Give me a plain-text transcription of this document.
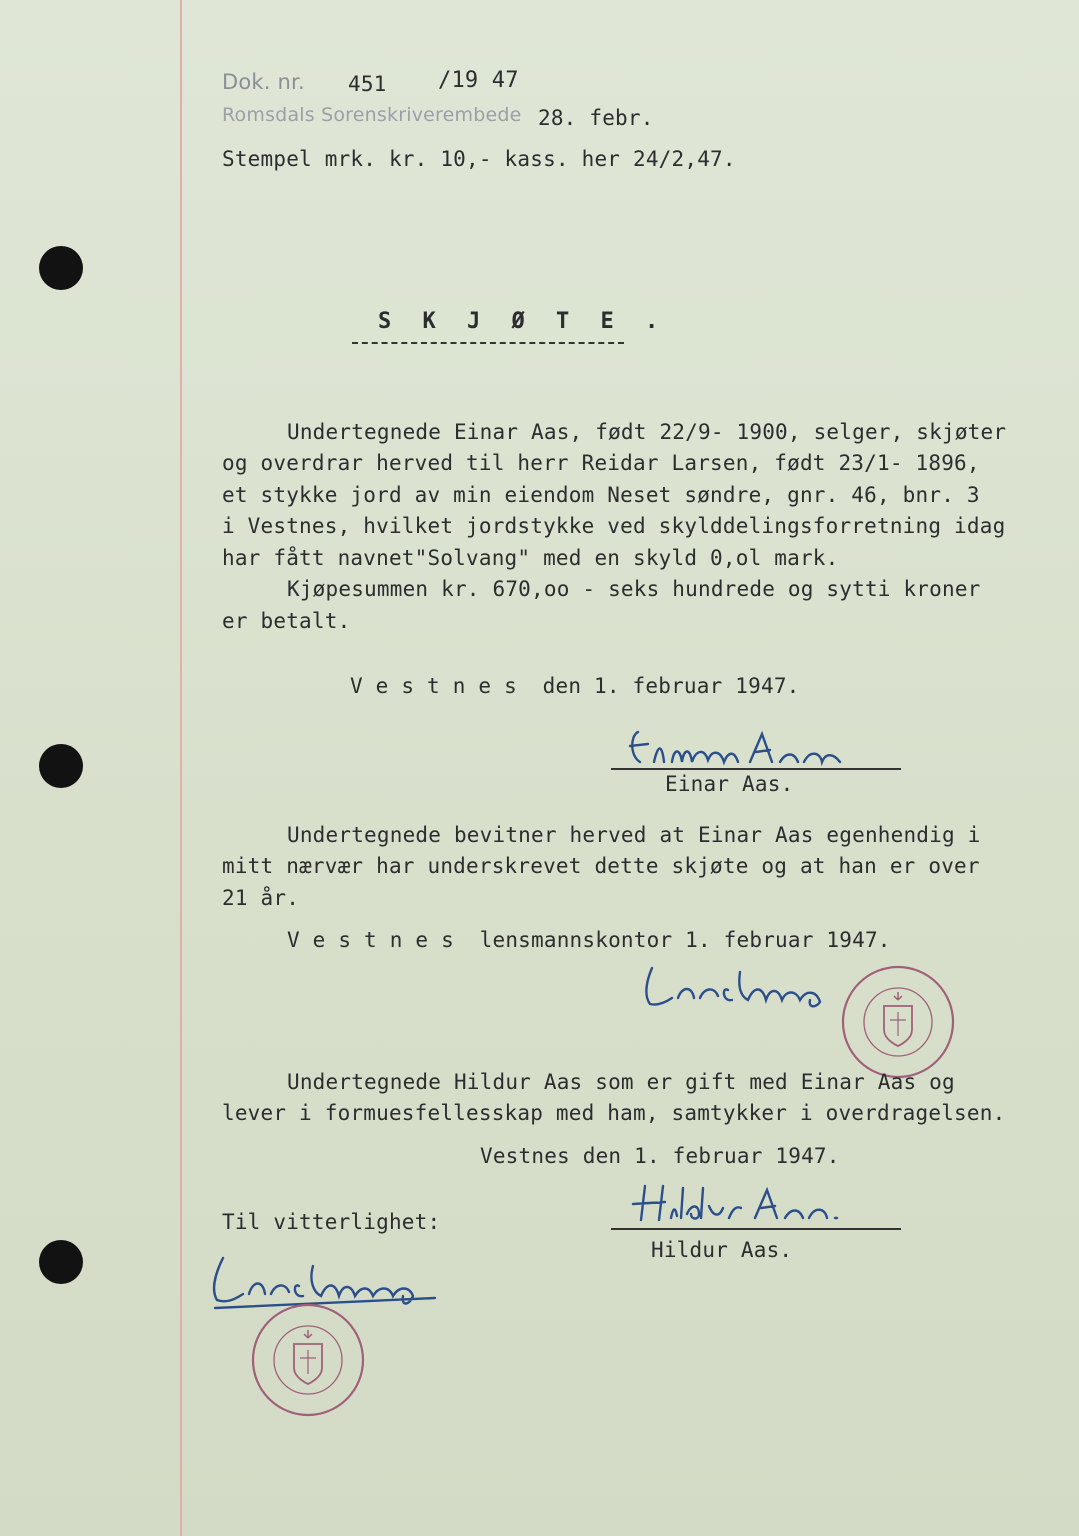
Dok. nr. 451 /19 47
Romsdals Sorenskriverembede 28. febr.
Stempel mrk. kr. 10,- kass. her 24/2,47.
S K J Ø T E .
Undertegnede Einar Aas, født 22/9- 1900, selger, skjøter
og overdrar herved til herr Reidar Larsen, født 23/1- 1896,
et stykke jord av min eiendom Neset søndre, gnr. 46, bnr. 3
i Vestnes, hvilket jordstykke ved skylddelingsforretning idag
har fått navnet"Solvang" med en skyld 0,ol mark.
Kjøpesummen kr. 670,oo - seks hundrede og sytti kroner
er betalt.
V e s t n e s  den 1. februar 1947.
Einar Aas.
Undertegnede bevitner herved at Einar Aas egenhendig i
mitt nærvær har underskrevet dette skjøte og at han er over
21 år.
V e s t n e s  lensmannskontor 1. februar 1947.
Undertegnede Hildur Aas som er gift med Einar Aas og
lever i formuesfellesskap med ham, samtykker i overdragelsen.
Vestnes den 1. februar 1947.
Til vitterlighet:
Hildur Aas.
